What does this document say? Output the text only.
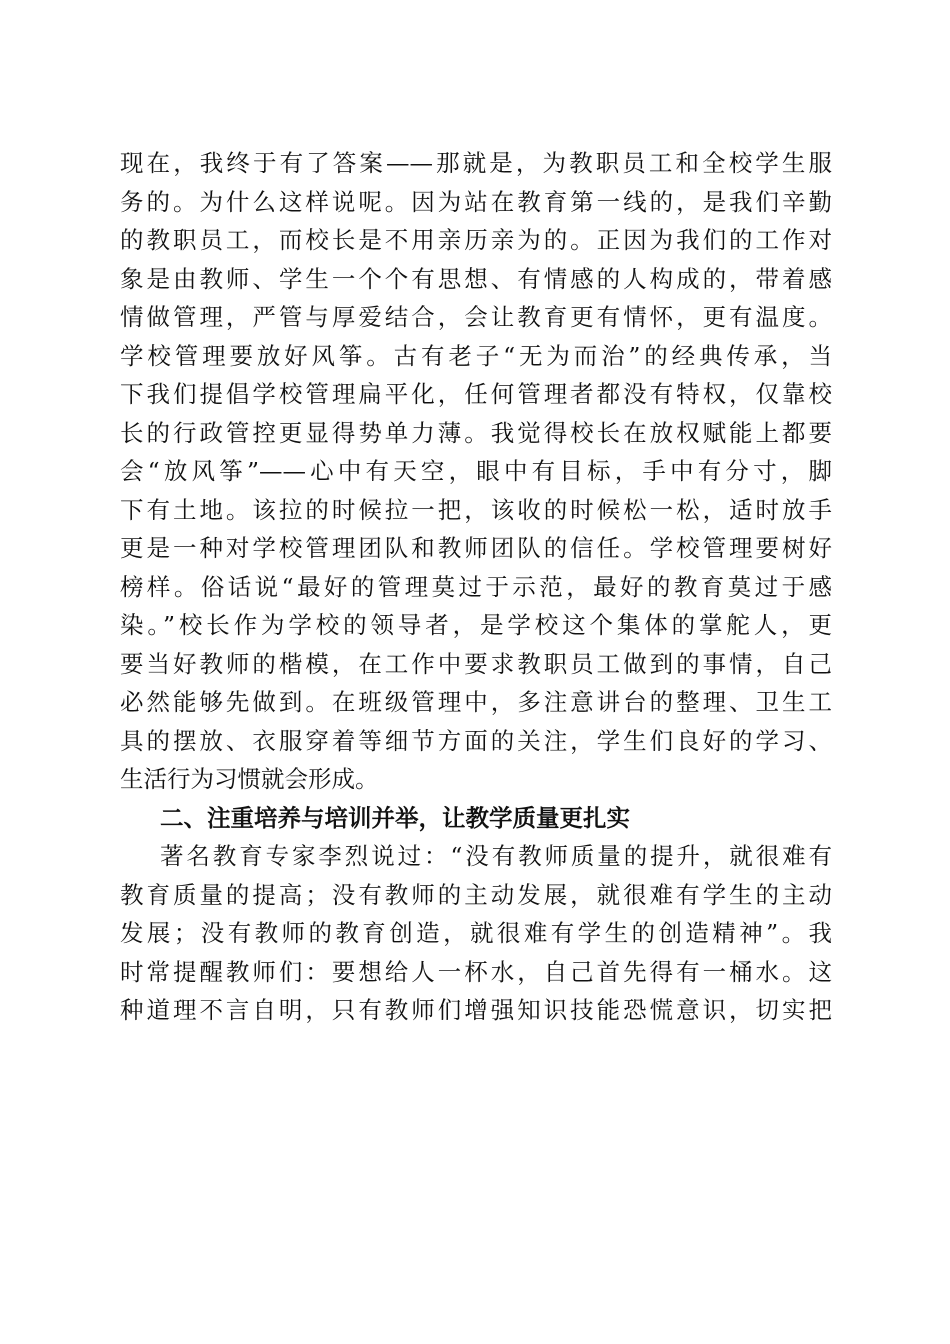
现在，我终于有了答案——那就是，为教职员工和全校学生服
务的。为什么这样说呢。因为站在教育第一线的，是我们辛勤
的教职员工，而校长是不用亲历亲为的。正因为我们的工作对
象是由教师、学生一个个有思想、有情感的人构成的，带着感
情做管理，严管与厚爱结合，会让教育更有情怀，更有温度。
学校管理要放好风筝。古有老子“无为而治”的经典传承，当
下我们提倡学校管理扁平化，任何管理者都没有特权，仅靠校
长的行政管控更显得势单力薄。我觉得校长在放权赋能上都要
会“放风筝”——心中有天空，眼中有目标，手中有分寸，脚
下有土地。该拉的时候拉一把，该收的时候松一松，适时放手
更是一种对学校管理团队和教师团队的信任。学校管理要树好
榜样。俗话说“最好的管理莫过于示范，最好的教育莫过于感
染。”校长作为学校的领导者，是学校这个集体的掌舵人，更
要当好教师的楷模，在工作中要求教职员工做到的事情，自己
必然能够先做到。在班级管理中，多注意讲台的整理、卫生工
具的摆放、衣服穿着等细节方面的关注，学生们良好的学习、
生活行为习惯就会形成。
二、注重培养与培训并举，让教学质量更扎实
著名教育专家李烈说过：“没有教师质量的提升，就很难有
教育质量的提高；没有教师的主动发展，就很难有学生的主动
发展；没有教师的教育创造，就很难有学生的创造精神”。我
时常提醒教师们：要想给人一杯水，自己首先得有一桶水。这
种道理不言自明，只有教师们增强知识技能恐慌意识，切实把
